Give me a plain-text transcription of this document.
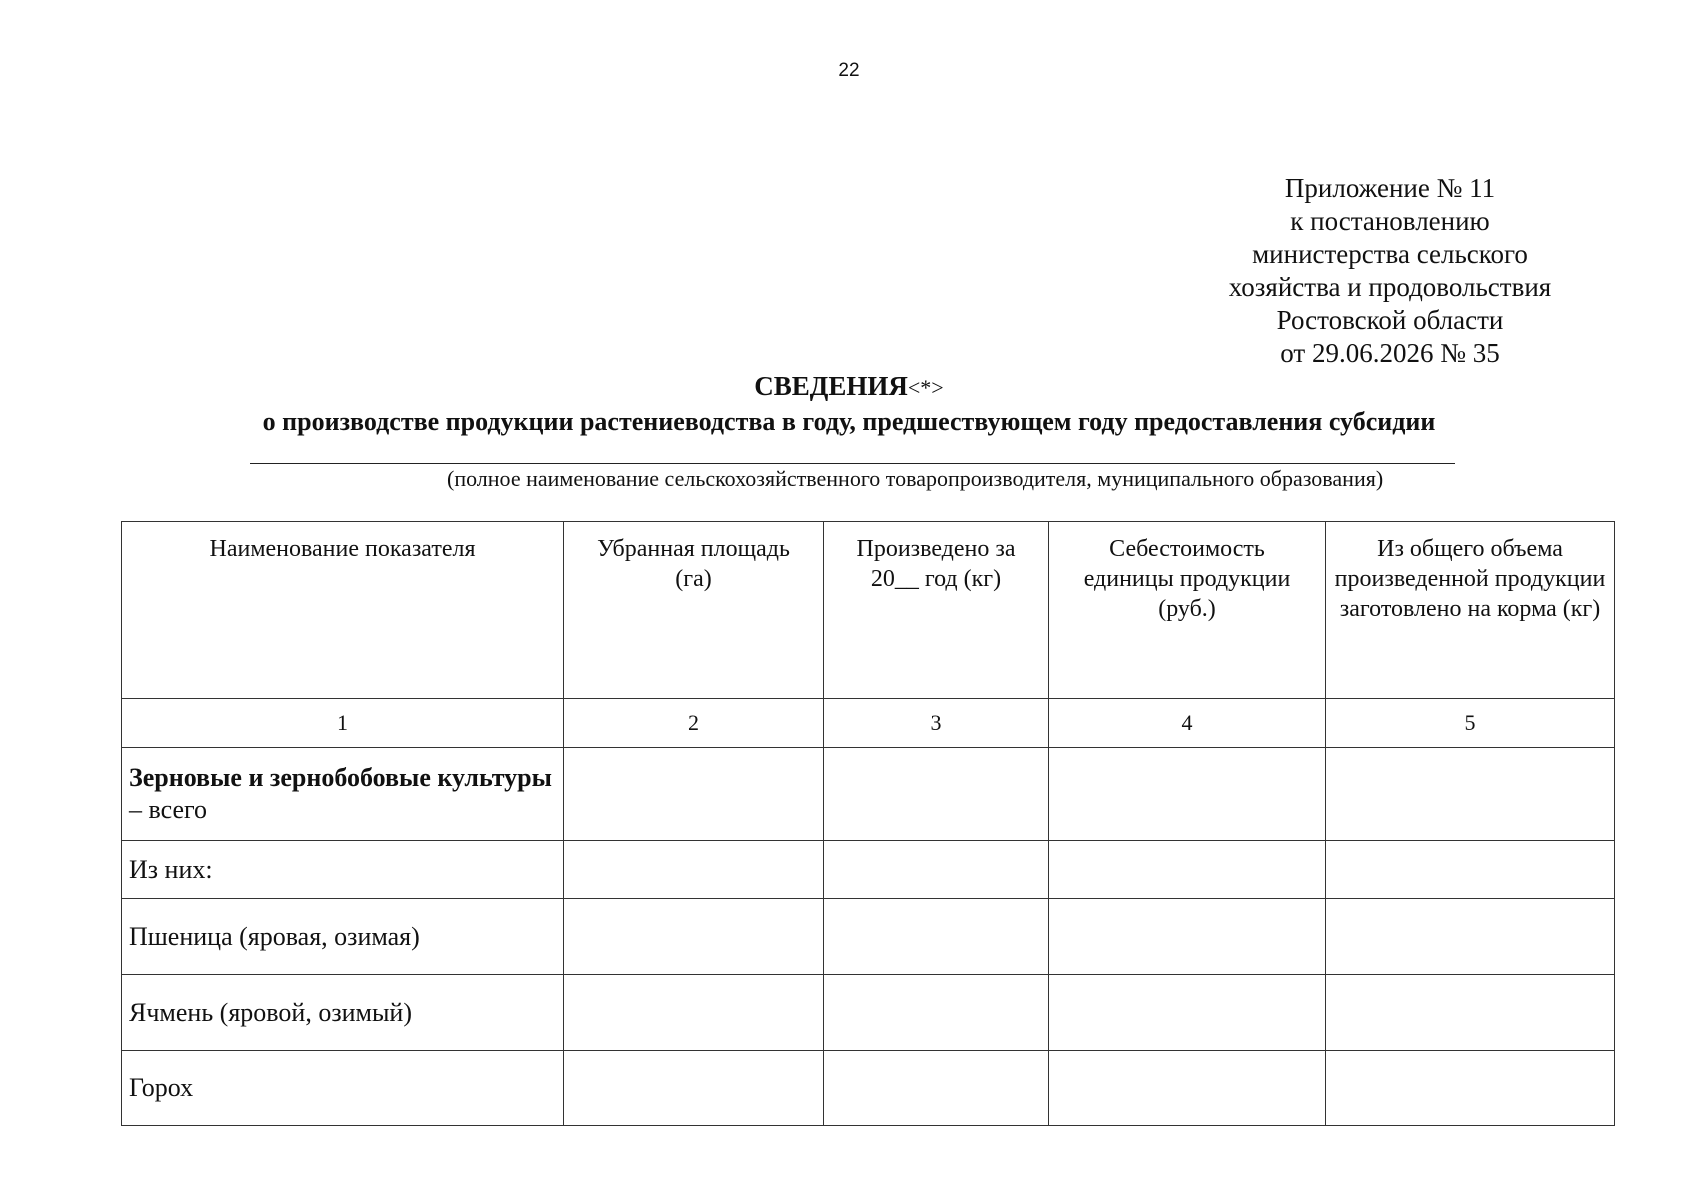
22
Приложение № 11
к постановлению
министерства сельского
хозяйства и продовольствия
Ростовской области
от 29.06.2026 № 35
СВЕДЕНИЯ<*>
о производстве продукции растениеводства в году, предшествующем году предоставления субсидии
(полное наименование сельскохозяйственного товаропроизводителя, муниципального образования)
Наименование показателя	Убранная площадь (га)	Произведено за 20__ год (кг)	Себестоимость единицы продукции (руб.)	Из общего объема произведенной продукции заготовлено на корма (кг)
1	2	3	4	5
Зерновые и зернобобовые культуры – всего				
Из них:				
Пшеница (яровая, озимая)				
Ячмень (яровой, озимый)				
Горох				
